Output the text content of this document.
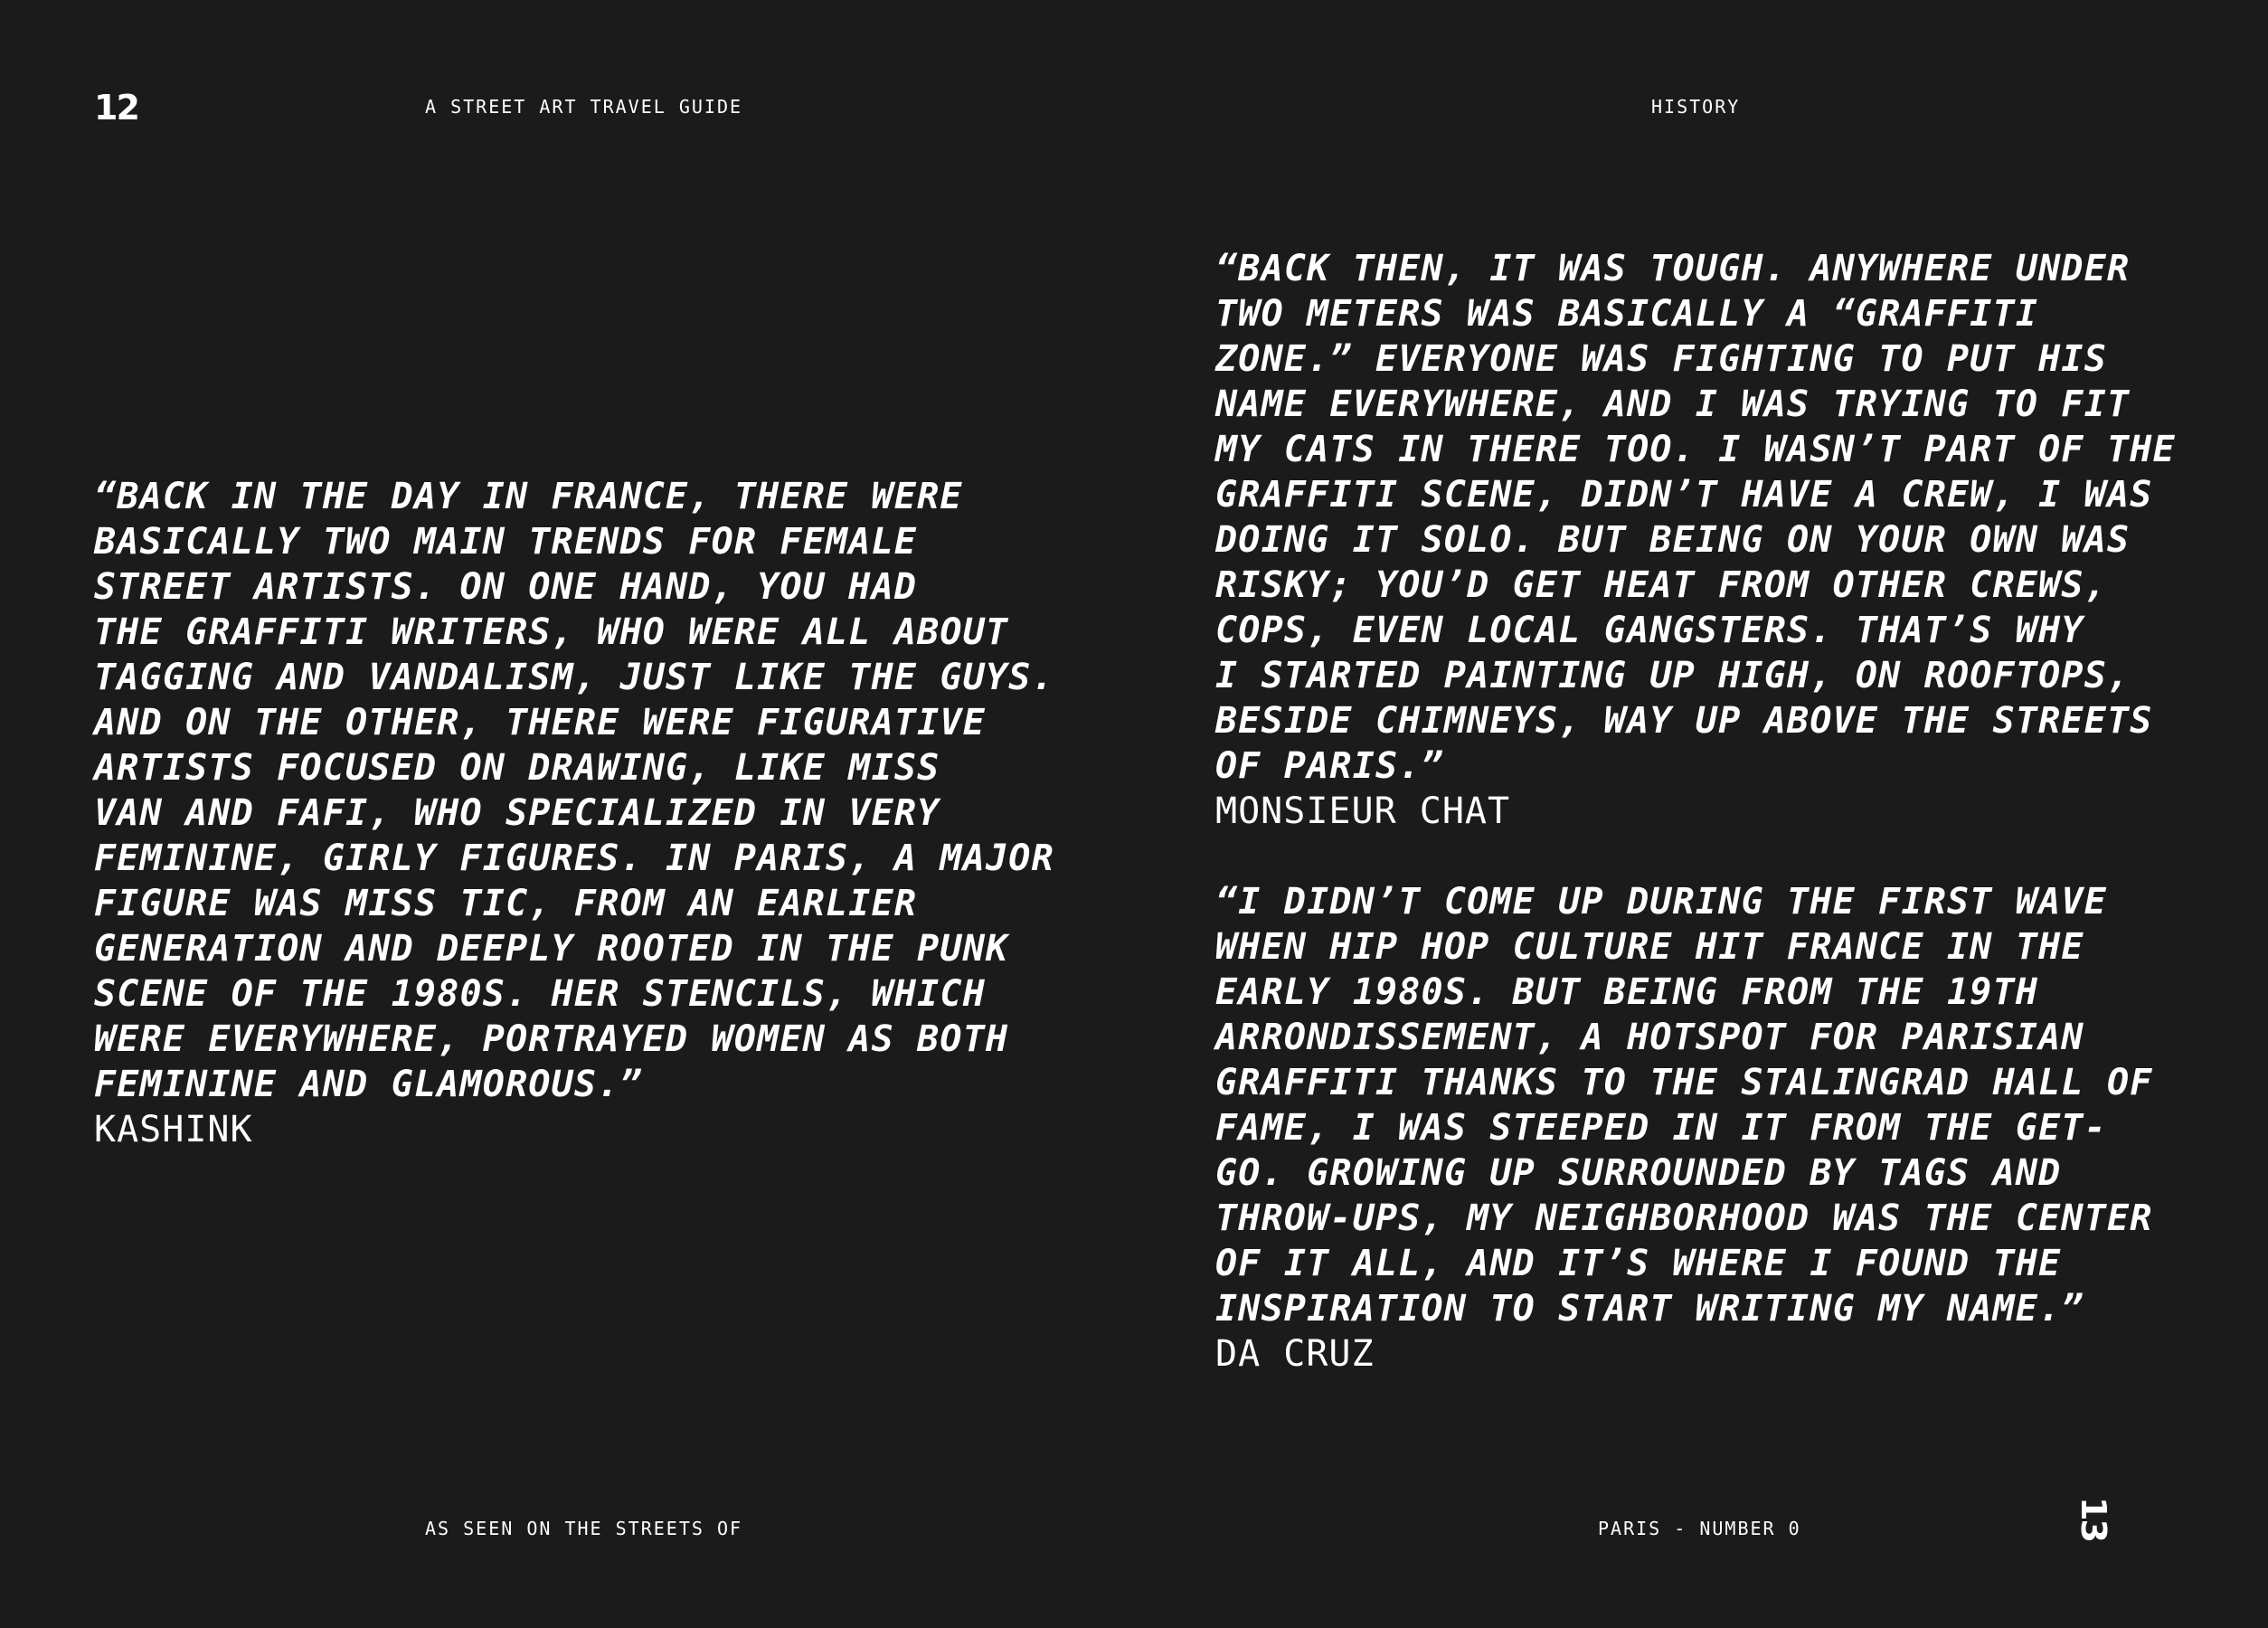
12	A STREET ART TRAVEL GUIDE	HISTORY

“BACK IN THE DAY IN FRANCE, THERE WERE
BASICALLY TWO MAIN TRENDS FOR FEMALE
STREET ARTISTS. ON ONE HAND, YOU HAD
THE GRAFFITI WRITERS, WHO WERE ALL ABOUT
TAGGING AND VANDALISM, JUST LIKE THE GUYS.
AND ON THE OTHER, THERE WERE FIGURATIVE
ARTISTS FOCUSED ON DRAWING, LIKE MISS
VAN AND FAFI, WHO SPECIALIZED IN VERY
FEMININE, GIRLY FIGURES. IN PARIS, A MAJOR
FIGURE WAS MISS TIC, FROM AN EARLIER
GENERATION AND DEEPLY ROOTED IN THE PUNK
SCENE OF THE 1980S. HER STENCILS, WHICH
WERE EVERYWHERE, PORTRAYED WOMEN AS BOTH
FEMININE AND GLAMOROUS.”

KASHINK

“BACK THEN, IT WAS TOUGH. ANYWHERE UNDER
TWO METERS WAS BASICALLY A “GRAFFITI
ZONE.” EVERYONE WAS FIGHTING TO PUT HIS
NAME EVERYWHERE, AND I WAS TRYING TO FIT
MY CATS IN THERE TOO. I WASN’T PART OF THE
GRAFFITI SCENE, DIDN’T HAVE A CREW, I WAS
DOING IT SOLO. BUT BEING ON YOUR OWN WAS
RISKY; YOU’D GET HEAT FROM OTHER CREWS,
COPS, EVEN LOCAL GANGSTERS. THAT’S WHY
I STARTED PAINTING UP HIGH, ON ROOFTOPS,
BESIDE CHIMNEYS, WAY UP ABOVE THE STREETS
OF PARIS.”

MONSIEUR CHAT

“I DIDN’T COME UP DURING THE FIRST WAVE
WHEN HIP HOP CULTURE HIT FRANCE IN THE
EARLY 1980S. BUT BEING FROM THE 19TH
ARRONDISSEMENT, A HOTSPOT FOR PARISIAN
GRAFFITI THANKS TO THE STALINGRAD HALL OF
FAME, I WAS STEEPED IN IT FROM THE GET-
GO. GROWING UP SURROUNDED BY TAGS AND
THROW-UPS, MY NEIGHBORHOOD WAS THE CENTER
OF IT ALL, AND IT’S WHERE I FOUND THE
INSPIRATION TO START WRITING MY NAME.”

DA CRUZ

AS SEEN ON THE STREETS OF	PARIS - NUMBER 0	13
